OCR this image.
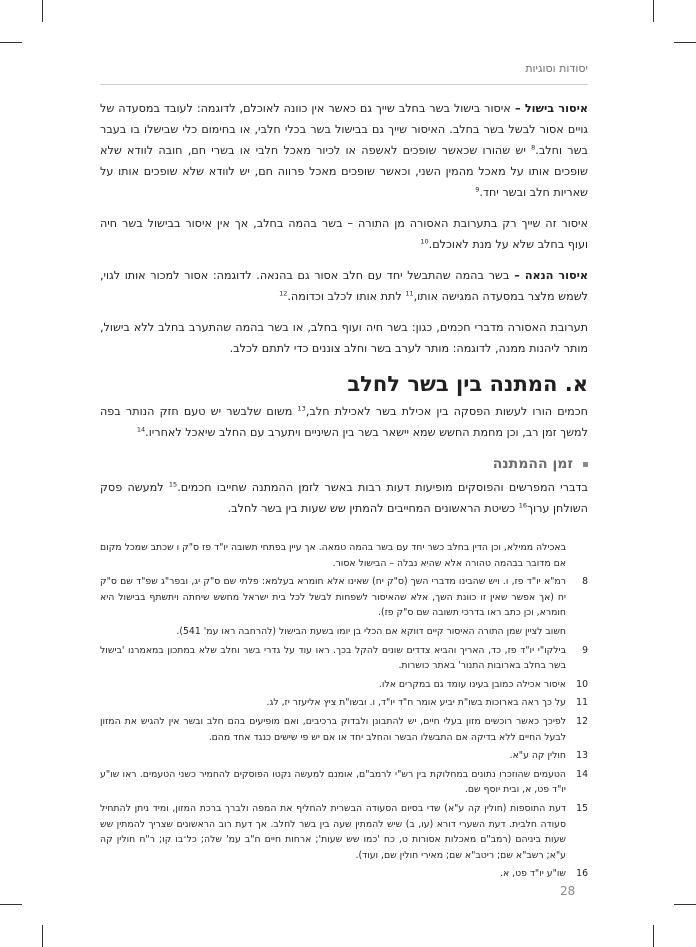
יסודות וסוגיות

איסור בישול – איסור בישול בשר בחלב שייך גם כאשר אין כוונה לאוכלם, לדוגמה: לעובד במסעדה של גויים אסור לבשל בשר בחלב. האיסור שייך גם בבישול בשר בכלי חלבי, או בחימום כלי שבישלו בו בעבר בשר וחלב.$^8$ יש שהורו שכאשר שופכים לאשפה או לכיור מאכל חלבי או בשרי חם, חובה לוודא שלא שופכים אותו על מאכל מהמין השני, וכאשר שופכים מאכל פרווה חם, יש לוודא שלא שופכים אותו על שאריות חלב ובשר יחד.$^9$

איסור זה שייך רק בתערובת האסורה מן התורה – בשר בהמה בחלב, אך אין איסור בבישול בשר חיה ועוף בחלב שלא על מנת לאוכלם.$^{10}$

איסור הנאה – בשר בהמה שהתבשל יחד עם חלב אסור גם בהנאה. לדוגמה: אסור למכור אותו לגוי, לשמש מלצר במסעדה המגישה אותו,$^{11}$ לתת אותו לכלב וכדומה.$^{12}$

תערובת האסורה מדברי חכמים, כגון: בשר חיה ועוף בחלב, או בשר בהמה שהתערב בחלב ללא בישול, מותר ליהנות ממנה, לדוגמה: מותר לערב בשר וחלב צוננים כדי לתתם לכלב.

א. המתנה בין בשר לחלב

חכמים הורו לעשות הפסקה בין אכילת בשר לאכילת חלב,$^{13}$ משום שלבשר יש טעם חזק הנותר בפה למשך זמן רב, וכן מחמת החשש שמא יישאר בשר בין השיניים ויתערב עם החלב שיאכל לאחריו.$^{14}$

זמן ההמתנה

בדברי המפרשים והפוסקים מופיעות דעות רבות באשר לזמן ההמתנה שחייבו חכמים.$^{15}$ למעשה פסק השולחן ערוך$^{16}$ כשיטת הראשונים המחייבים להמתין שש שעות בין בשר לחלב.

באכילה ממילא, וכן הדין בחלב כשר יחד עם בשר בהמה טמאה. אך עיין בפתחי תשובה יו"ד פז ס"ק ו שכתב שמכל מקום אם מדובר בבהמה טהורה אלא שהיא נבלה – הבישול אסור.
8
רמ"א יו"ד פז, ו. ויש שהבינו מדברי השך (ס"ק יח) שאינו אלא חומרא בעלמא: פלתי שם ס"ק יג, ובפר"ג שפ"ד שם ס"ק יח (אך אפשר שאין זו כוונת השך, אלא שהאיסור לשפחות לבשל לכל בית ישראל מחשש שיחתה ויתשתף בבישול היא חומרא, וכן כתב ראו בדרכי תשובה שם ס"ק פז).
חשוב לציין שמן התורה האיסור קיים דווקא אם הכלי בן יומו בשעת הבישול (להרחבה ראו עמ' 541).
9
בילקו"י יו"ד פז, כד, האריך והביא צדדים שונים להקל בכך. ראו עוד על גדרי בשר וחלב שלא במתכון במאמרנו 'בישול בשר בחלב בארובות התנור' באתר כושרות.
10
איסור אכילה כמובן בעינו עומד גם במקרים אלו.
11
על כך ראה בארוכות בשו"ת יביע אומר ח"ד יו"ד, ו. ובשו"ת ציץ אליעזר יז, לג.
12
לפיכך כאשר רוכשים מזון בעלי חיים, יש להתבונן ולבדוק ברכיבים, ואם מופיעים בהם חלב ובשר אין להגיש את המזון לבעל החיים ללא בדיקה אם התבשלו הבשר והחלב יחד או אם יש פי שישים כנגד אחד מהם.
13
חולין קה ע"א.
14
הטעמים שהוזכרו נתונים במחלוקת בין רש"י לרמב"ם, אומנם למעשה נקטו הפוסקים להחמיר כשני הטעמים. ראו שו"ע יו"ד פט, א, ובית יוסף שם.
15
דעת התוספות (חולין קה ע"א) שדי בסיום הסעודה הבשרית להחליף את המפה ולברך ברכת המזון, ומיד ניתן להתחיל סעודה חלבית. דעת השערי דורא (עו, ב) שיש להמתין שעה בין בשר לחלב. אך דעת רוב הראשונים שצריך להמתין שש שעות ביניהם (רמב"ם מאכלות אסורות ט, כח 'כמו שש שעות'; ארחות חיים ח"ב עמ' שלה; כל־בו קו; ר"ח חולין קה ע"א; רשב"א שם; ריטב"א שם; מאירי חולין שם, ועוד).
16
שו"ע יו"ד פט, א.
28
